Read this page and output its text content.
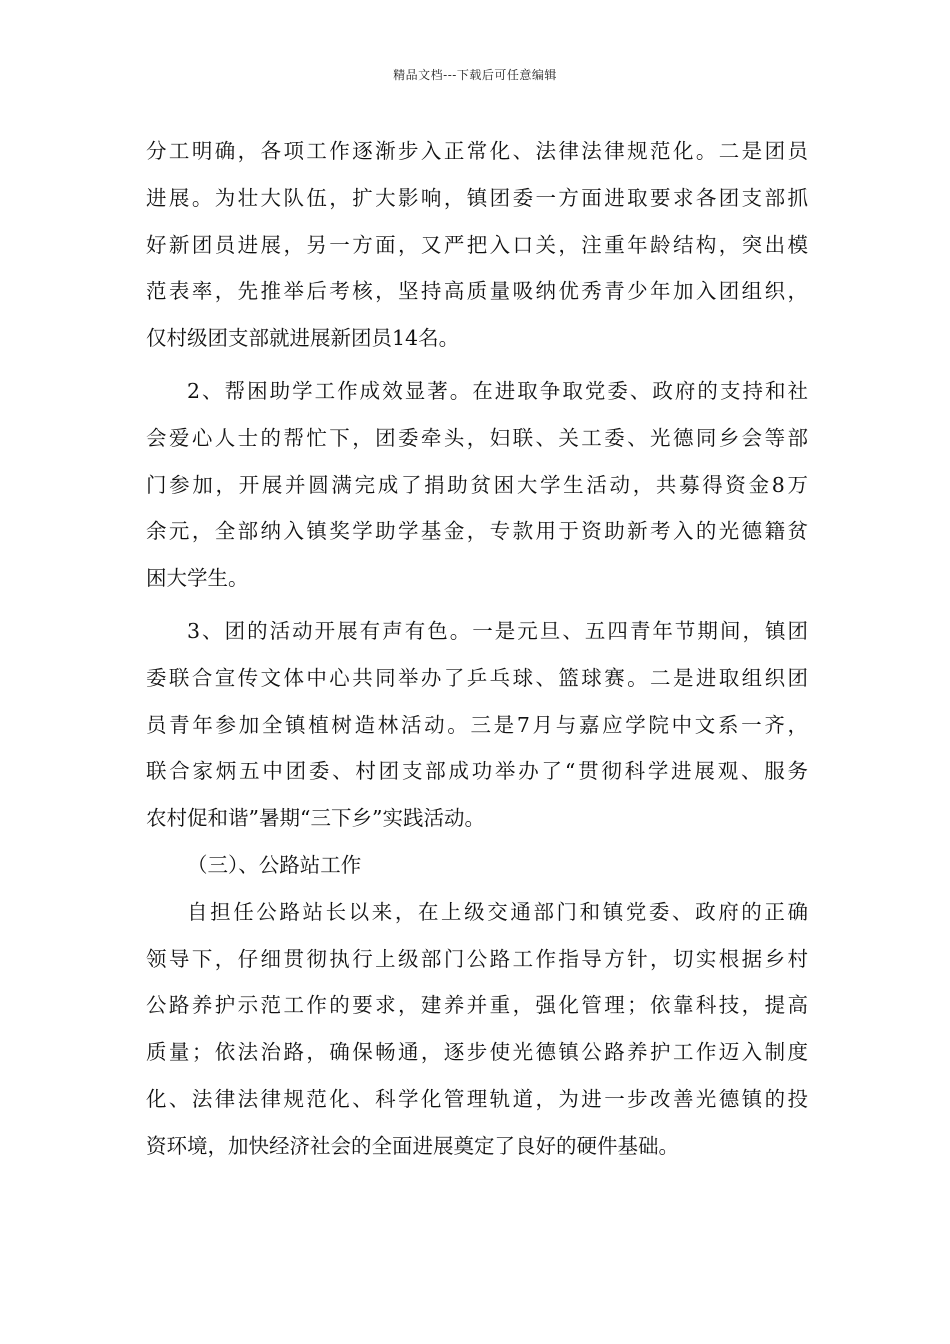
精品文档---下载后可任意编辑
分工明确，各项工作逐渐步入正常化、法律法律规范化。二是团员
进展。为壮大队伍，扩大影响，镇团委一方面进取要求各团支部抓
好新团员进展，另一方面，又严把入口关，注重年龄结构，突出模
范表率，先推举后考核，坚持高质量吸纳优秀青少年加入团组织，
仅村级团支部就进展新团员14名。
2、帮困助学工作成效显著。在进取争取党委、政府的支持和社
会爱心人士的帮忙下，团委牵头，妇联、关工委、光德同乡会等部
门参加，开展并圆满完成了捐助贫困大学生活动，共募得资金8万
余元，全部纳入镇奖学助学基金，专款用于资助新考入的光德籍贫
困大学生。
3、团的活动开展有声有色。一是元旦、五四青年节期间，镇团
委联合宣传文体中心共同举办了乒乓球、篮球赛。二是进取组织团
员青年参加全镇植树造林活动。三是7月与嘉应学院中文系一齐，
联合家炳五中团委、村团支部成功举办了“贯彻科学进展观、服务
农村促和谐”暑期“三下乡”实践活动。
（三）、公路站工作
自担任公路站长以来，在上级交通部门和镇党委、政府的正确
领导下，仔细贯彻执行上级部门公路工作指导方针，切实根据乡村
公路养护示范工作的要求，建养并重，强化管理；依靠科技，提高
质量；依法治路，确保畅通，逐步使光德镇公路养护工作迈入制度
化、法律法律规范化、科学化管理轨道，为进一步改善光德镇的投
资环境，加快经济社会的全面进展奠定了良好的硬件基础。
